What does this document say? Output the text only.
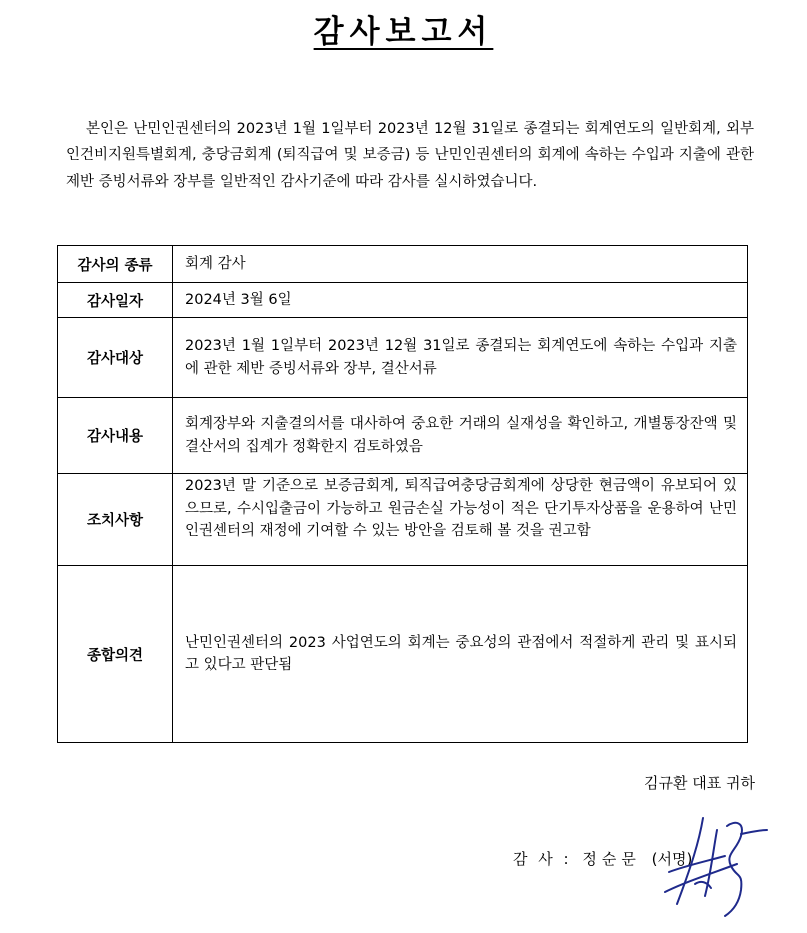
감사보고서

본인은 난민인권센터의 2023년 1월 1일부터 2023년 12월 31일로 종결되는 회계연도의 일반회계, 외부인건비지원특별회계, 충당금회계 (퇴직급여 및 보증금) 등 난민인권센터의 회계에 속하는 수입과 지출에 관한 제반 증빙서류와 장부를 일반적인 감사기준에 따라 감사를 실시하였습니다.

감사의 종류	회계 감사
감사일자	2024년 3월 6일
감사대상	2023년 1월 1일부터 2023년 12월 31일로 종결되는 회계연도에 속하는 수입과 지출에 관한 제반 증빙서류와 장부, 결산서류
감사내용	회계장부와 지출결의서를 대사하여 중요한 거래의 실재성을 확인하고, 개별통장잔액 및 결산서의 집계가 정확한지 검토하였음
조치사항	2023년 말 기준으로 보증금회계, 퇴직급여충당금회계에 상당한 현금액이 유보되어 있으므로, 수시입출금이 가능하고 원금손실 가능성이 적은 단기투자상품을 운용하여 난민인권센터의 재정에 기여할 수 있는 방안을 검토해 볼 것을 권고함
종합의견	난민인권센터의 2023 사업연도의 회계는 중요성의 관점에서 적절하게 관리 및 표시되고 있다고 판단됨
김규환 대표 귀하
감 사 : 정순문 (서명)
